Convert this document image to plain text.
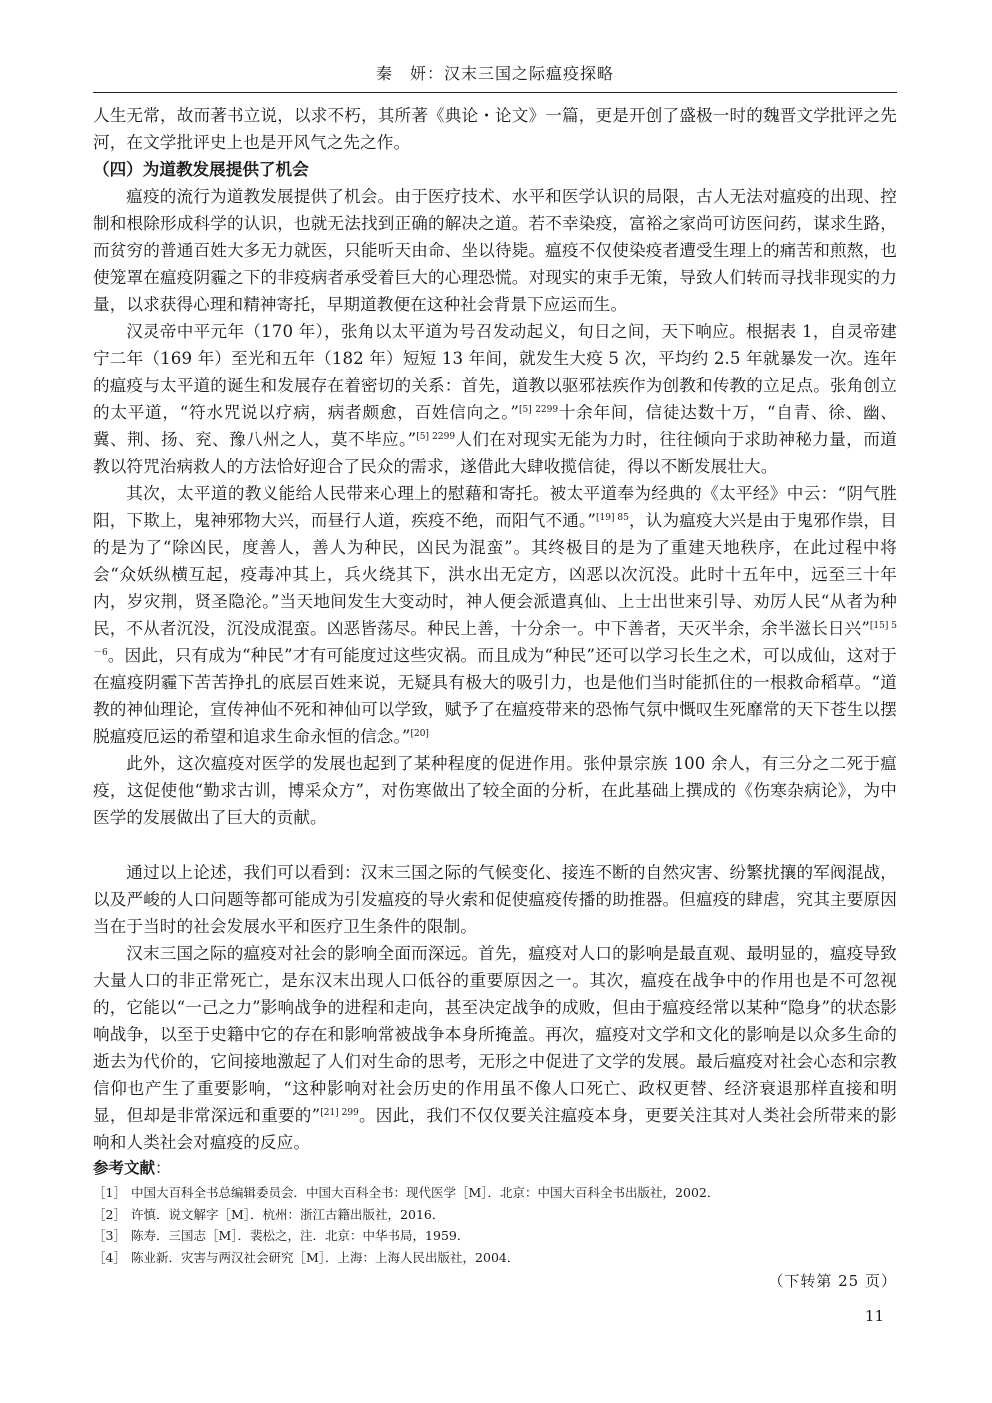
秦　妍：汉末三国之际瘟疫探略

人生无常，故而著书立说，以求不朽，其所著《典论・论文》一篇，更是开创了盛极一时的魏晋文学批评之先河，在文学批评史上也是开风气之先之作。

（四）为道教发展提供了机会

瘟疫的流行为道教发展提供了机会。由于医疗技术、水平和医学认识的局限，古人无法对瘟疫的出现、控制和根除形成科学的认识，也就无法找到正确的解决之道。若不幸染疫，富裕之家尚可访医问药，谋求生路，而贫穷的普通百姓大多无力就医，只能听天由命、坐以待毙。瘟疫不仅使染疫者遭受生理上的痛苦和煎熬，也使笼罩在瘟疫阴霾之下的非疫病者承受着巨大的心理恐慌。对现实的束手无策，导致人们转而寻找非现实的力量，以求获得心理和精神寄托，早期道教便在这种社会背景下应运而生。

汉灵帝中平元年（170 年），张角以太平道为号召发动起义，旬日之间，天下响应。根据表 1，自灵帝建宁二年（169 年）至光和五年（182 年）短短 13 年间，就发生大疫 5 次，平均约 2.5 年就暴发一次。连年的瘟疫与太平道的诞生和发展存在着密切的关系：首先，道教以驱邪祛疾作为创教和传教的立足点。张角创立的太平道，“符水咒说以疗病，病者颇愈，百姓信向之。”$^{[5] 2299}$十余年间，信徒达数十万，“自青、徐、幽、冀、荆、扬、兖、豫八州之人，莫不毕应。”$^{[5] 2299}$人们在对现实无能为力时，往往倾向于求助神秘力量，而道教以符咒治病救人的方法恰好迎合了民众的需求，遂借此大肆收揽信徒，得以不断发展壮大。

其次，太平道的教义能给人民带来心理上的慰藉和寄托。被太平道奉为经典的《太平经》中云：“阴气胜阳，下欺上，鬼神邪物大兴，而昼行人道，疾疫不绝，而阳气不通。”$^{[19] 85}$，认为瘟疫大兴是由于鬼邪作祟，目的是为了“除凶民，度善人，善人为种民，凶民为混蛮”。其终极目的是为了重建天地秩序，在此过程中将会“众妖纵横互起，疫毒冲其上，兵火绕其下，洪水出无定方，凶恶以次沉没。此时十五年中，远至三十年内，岁灾荆，贤圣隐沦。”当天地间发生大变动时，神人便会派遣真仙、上士出世来引导、劝厉人民“从者为种民，不从者沉没，沉没成混蛮。凶恶皆荡尽。种民上善，十分余一。中下善者，天灭半余，余半滋长日兴”$^{[15] 5-6}$。因此，只有成为“种民”才有可能度过这些灾祸。而且成为“种民”还可以学习长生之术，可以成仙，这对于在瘟疫阴霾下苦苦挣扎的底层百姓来说，无疑具有极大的吸引力，也是他们当时能抓住的一根救命稻草。“道教的神仙理论，宣传神仙不死和神仙可以学致，赋予了在瘟疫带来的恐怖气氛中慨叹生死靡常的天下苍生以摆脱瘟疫厄运的希望和追求生命永恒的信念。”[20]

此外，这次瘟疫对医学的发展也起到了某种程度的促进作用。张仲景宗族 100 余人，有三分之二死于瘟疫，这促使他“勤求古训，博采众方”，对伤寒做出了较全面的分析，在此基础上撰成的《伤寒杂病论》，为中医学的发展做出了巨大的贡献。

通过以上论述，我们可以看到：汉末三国之际的气候变化、接连不断的自然灾害、纷繁扰攘的军阀混战，以及严峻的人口问题等都可能成为引发瘟疫的导火索和促使瘟疫传播的助推器。但瘟疫的肆虐，究其主要原因当在于当时的社会发展水平和医疗卫生条件的限制。

汉末三国之际的瘟疫对社会的影响全面而深远。首先，瘟疫对人口的影响是最直观、最明显的，瘟疫导致大量人口的非正常死亡，是东汉末出现人口低谷的重要原因之一。其次，瘟疫在战争中的作用也是不可忽视的，它能以“一己之力”影响战争的进程和走向，甚至决定战争的成败，但由于瘟疫经常以某种“隐身”的状态影响战争，以至于史籍中它的存在和影响常被战争本身所掩盖。再次，瘟疫对文学和文化的影响是以众多生命的逝去为代价的，它间接地激起了人们对生命的思考，无形之中促进了文学的发展。最后瘟疫对社会心态和宗教信仰也产生了重要影响，“这种影响对社会历史的作用虽不像人口死亡、政权更替、经济衰退那样直接和明显，但却是非常深远和重要的”$^{[21] 299}$。因此，我们不仅仅要关注瘟疫本身，更要关注其对人类社会所带来的影响和人类社会对瘟疫的反应。

参考文献：
［1］ 中国大百科全书总编辑委员会．中国大百科全书：现代医学［M］．北京：中国大百科全书出版社，2002．
［2］ 许慎．说文解字［M］．杭州：浙江古籍出版社，2016．
［3］ 陈寿．三国志［M］．裴松之，注．北京：中华书局，1959．
［4］ 陈业新．灾害与两汉社会研究［M］．上海：上海人民出版社，2004．
（下转第 25 页）
11
